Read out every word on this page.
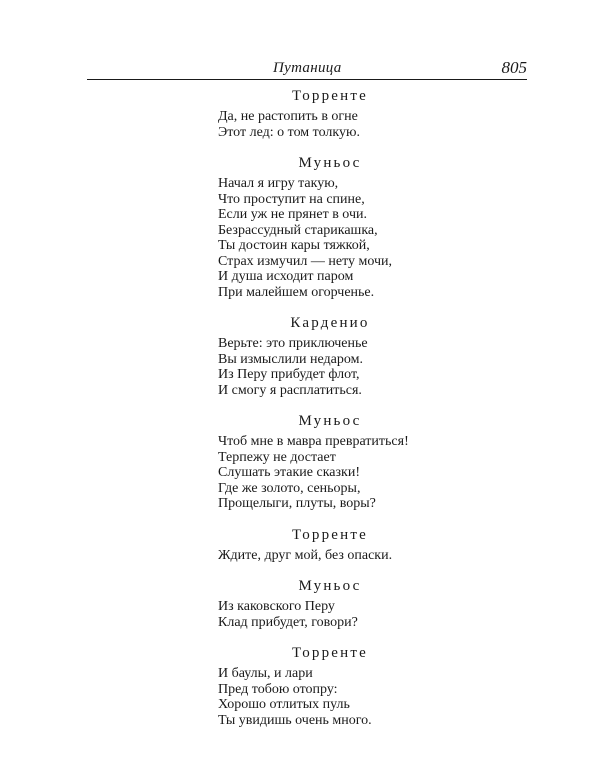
Путаница	805
Торренте
Да, не растопить в огне
Этот лед: о том толкую.
Муньос
Начал я игру такую,
Что проступит на спине,
Если уж не прянет в очи.
Безрассудный старикашка,
Ты достоин кары тяжкой,
Страх измучил — нету мочи,
И душа исходит паром
При малейшем огорченье.
Карденио
Верьте: это приключенье
Вы измыслили недаром.
Из Перу прибудет флот,
И смогу я расплатиться.
Муньос
Чтоб мне в мавра превратиться!
Терпежу не достает
Слушать этакие сказки!
Где же золото, сеньоры,
Прощелыги, плуты, воры?
Торренте
Ждите, друг мой, без опаски.
Муньос
Из каковского Перу
Клад прибудет, говори?
Торренте
И баулы, и лари
Пред тобою отопру:
Хорошо отлитых пуль
Ты увидишь очень много.
